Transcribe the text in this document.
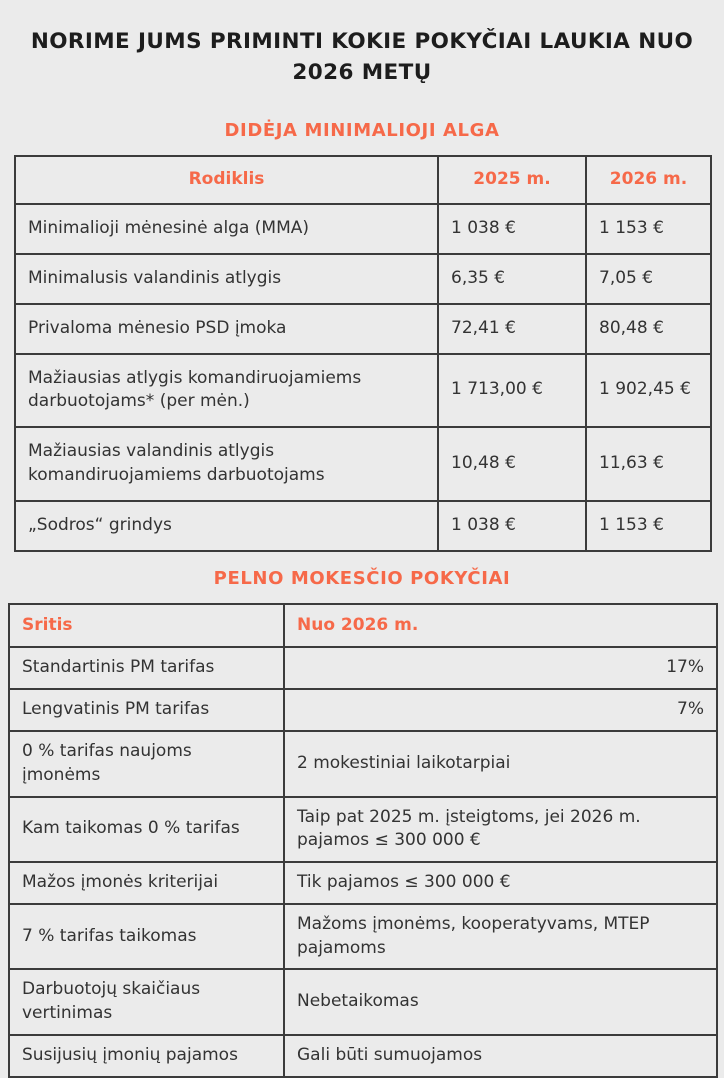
NORIME JUMS PRIMINTI KOKIE POKYČIAI LAUKIA NUO
2026 METŲ
DIDĖJA MINIMALIOJI ALGA
Rodiklis	2025 m.	2026 m.
Minimalioji mėnesinė alga (MMA)	1 038 €	1 153 €
Minimalusis valandinis atlygis	6,35 €	7,05 €
Privaloma mėnesio PSD įmoka	72,41 €	80,48 €
Mažiausias atlygis komandiruojamiems darbuotojams* (per mėn.)	1 713,00 €	1 902,45 €
Mažiausias valandinis atlygis komandiruojamiems darbuotojams	10,48 €	11,63 €
„Sodros“ grindys	1 038 €	1 153 €
PELNO MOKESČIO POKYČIAI
Sritis	Nuo 2026 m.
Standartinis PM tarifas	17%
Lengvatinis PM tarifas	7%
0 % tarifas naujoms įmonėms	2 mokestiniai laikotarpiai
Kam taikomas 0 % tarifas	Taip pat 2025 m. įsteigtoms, jei 2026 m. pajamos ≤ 300 000 €
Mažos įmonės kriterijai	Tik pajamos ≤ 300 000 €
7 % tarifas taikomas	Mažoms įmonėms, kooperatyvams, MTEP pajamoms
Darbuotojų skaičiaus vertinimas	Nebetaikomas
Susijusių įmonių pajamos	Gali būti sumuojamos
